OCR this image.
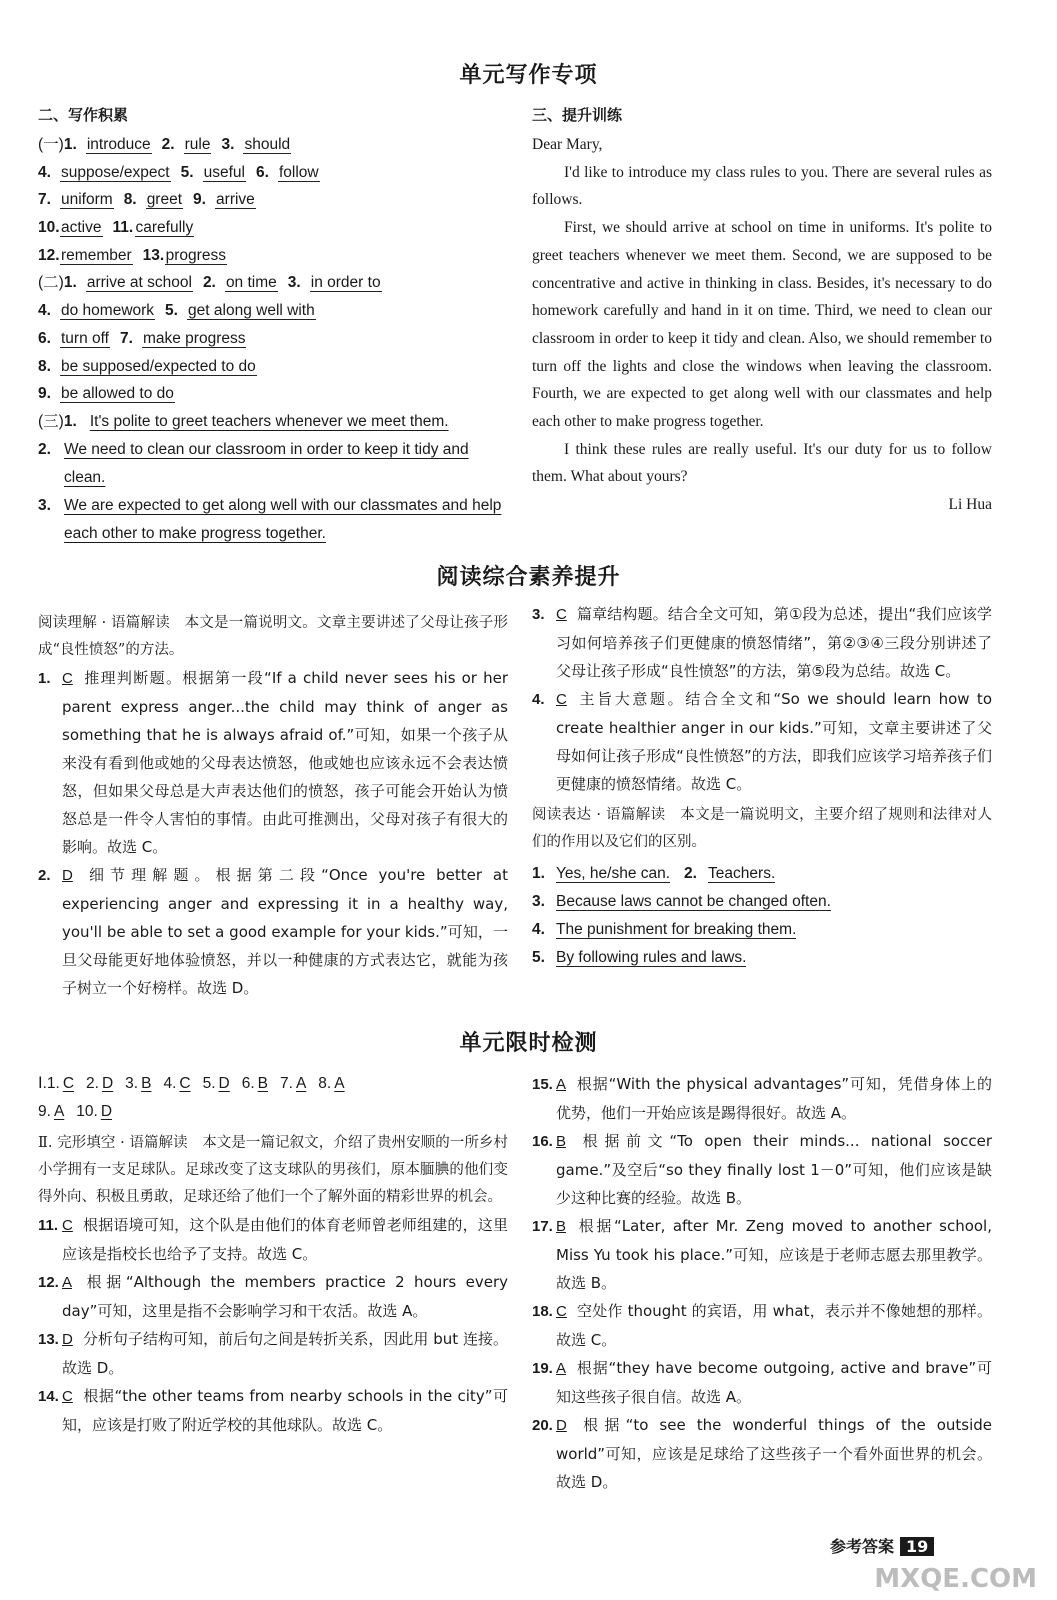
单元写作专项
二、写作积累
(一)1. introduce 2. rule 3. should
4. suppose/expect 5. useful 6. follow
7. uniform 8. greet 9. arrive
10.active 11. carefully
12.remember 13.progress
(二)1. arrive at school 2. on time 3. in order to
4. do homework 5. get along well with
6. turn off 7. make progress
8. be supposed/expected to do
9. be allowed to do
(三)1. It's polite to greet teachers whenever we meet them.
2. We need to clean our classroom in order to keep it tidy and clean.
3. We are expected to get along well with our classmates and help each other to make progress together.
三、提升训练

Dear Mary,

I'd like to introduce my class rules to you. There are several rules as follows.

First, we should arrive at school on time in uniforms. It's polite to greet teachers whenever we meet them. Second, we are supposed to be concentrative and active in thinking in class. Besides, it's necessary to do homework carefully and hand in it on time. Third, we need to clean our classroom in order to keep it tidy and clean. Also, we should remember to turn off the lights and close the windows when leaving the classroom. Fourth, we are expected to get along well with our classmates and help each other to make progress together.

I think these rules are really useful. It's our duty for us to follow them. What about yours?

Li Hua

阅读综合素养提升
阅读理解 · 语篇解读　本文是一篇说明文。文章主要讲述了父母让孩子形成“良性愤怒”的方法。

1. C 推理判断题。根据第一段“If a child never sees his or her parent express anger...the child may think of anger as something that he is always afraid of.”可知，如果一个孩子从来没有看到他或她的父母表达愤怒，他或她也应该永远不会表达愤怒，但如果父母总是大声表达他们的愤怒，孩子可能会开始认为愤怒总是一件令人害怕的事情。由此可推测出，父母对孩子有很大的影响。故选 C。

2. D 细节理解题。根据第二段“Once you're better at experiencing anger and expressing it in a healthy way, you'll be able to set a good example for your kids.”可知，一旦父母能更好地体验愤怒，并以一种健康的方式表达它，就能为孩子树立一个好榜样。故选 D。

3. C 篇章结构题。结合全文可知，第①段为总述，提出“我们应该学习如何培养孩子们更健康的愤怒情绪”，第②③④三段分别讲述了父母让孩子形成“良性愤怒”的方法，第⑤段为总结。故选 C。

4. C 主旨大意题。结合全文和“So we should learn how to create healthier anger in our kids.”可知，文章主要讲述了父母如何让孩子形成“良性愤怒”的方法，即我们应该学习培养孩子们更健康的愤怒情绪。故选 C。

阅读表达 · 语篇解读　本文是一篇说明文，主要介绍了规则和法律对人们的作用以及它们的区别。
1. Yes, he/she can. 2. Teachers.
3. Because laws cannot be changed often.
4. The punishment for breaking them.
5. By following rules and laws.
单元限时检测
Ⅰ.1. C 2. D 3. B 4. C 5. D 6. B 7. A 8. A
9. A 10. D
Ⅱ. 完形填空 · 语篇解读　本文是一篇记叙文，介绍了贵州安顺的一所乡村小学拥有一支足球队。足球改变了这支球队的男孩们，原本腼腆的他们变得外向、积极且勇敢，足球还给了他们一个了解外面的精彩世界的机会。

11. C 根据语境可知，这个队是由他们的体育老师曾老师组建的，这里应该是指校长也给予了支持。故选 C。

12. A 根据“Although the members practice 2 hours every day”可知，这里是指不会影响学习和干农活。故选 A。

13. D 分析句子结构可知，前后句之间是转折关系，因此用 but 连接。故选 D。

14. C 根据“the other teams from nearby schools in the city”可知，应该是打败了附近学校的其他球队。故选 C。

15. A 根据“With the physical advantages”可知，凭借身体上的优势，他们一开始应该是踢得很好。故选 A。

16. B 根据前文“To open their minds... national soccer game.”及空后“so they finally lost 1－0”可知，他们应该是缺少这种比赛的经验。故选 B。

17. B 根据“Later, after Mr. Zeng moved to another school, Miss Yu took his place.”可知，应该是于老师志愿去那里教学。故选 B。

18. C 空处作 thought 的宾语，用 what，表示并不像她想的那样。故选 C。

19. A 根据“they have become outgoing, active and brave”可知这些孩子很自信。故选 A。

20. D 根据“to see the wonderful things of the outside world”可知，应该是足球给了这些孩子一个看外面世界的机会。故选 D。

参考答案 19
MXQE.COM
